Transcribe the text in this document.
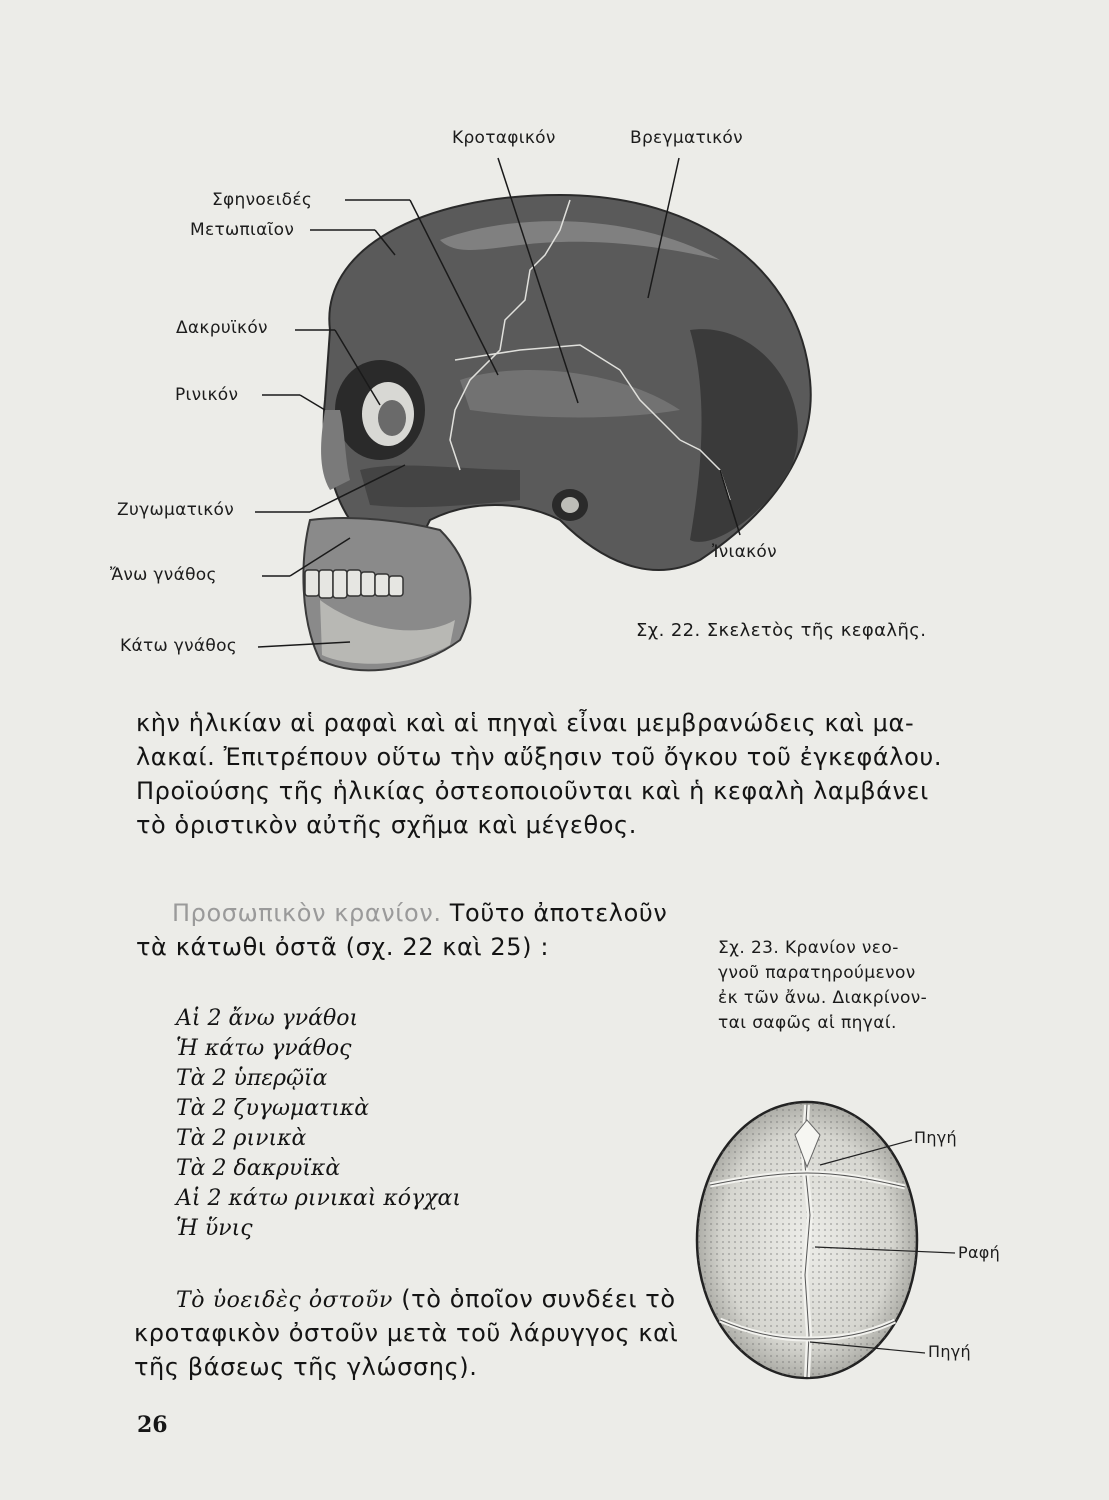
Κροταφικόν	Βρεγματικόν
Σφηνοειδές
Μετωπιαῖον
Δακρυϊκόν
Ρινικόν
Ζυγωματικόν
Ἄνω γνάθος
Κάτω γνάθος
Ἰνιακόν
Σχ. 22. Σκελετὸς τῆς κεφαλῆς.

κὴν ἡλικίαν αἱ ραφαὶ καὶ αἱ πηγαὶ εἶναι μεμβρανώδεις καὶ μα-

λακαί. Ἐπιτρέπουν οὕτω τὴν αὔξησιν τοῦ ὄγκου τοῦ ἐγκεφάλου.

Προϊούσης τῆς ἡλικίας ὀστεοποιοῦνται καὶ ἡ κεφαλὴ λαμβάνει

τὸ ὁριστικὸν αὐτῆς σχῆμα καὶ μέγεθος.

Προσωπικὸν κρανίον. Τοῦτο ἀποτελοῦν

τὰ κάτωθι ὀστᾶ (σχ. 22 καὶ 25) :

Αἱ 2 ἄνω γνάθοι
Ἡ κάτω γνάθος
Τὰ 2 ὑπερῷϊα
Τὰ 2 ζυγωματικὰ
Τὰ 2 ρινικὰ
Τὰ 2 δακρυϊκὰ
Αἱ 2 κάτω ρινικαὶ κόγχαι
Ἡ ὕνις

Τὸ ὑοειδὲς ὀστοῦν (τὸ ὁποῖον συνδέει τὸ

κροταφικὸν ὀστοῦν μετὰ τοῦ λάρυγγος καὶ

τῆς βάσεως τῆς γλώσσης).

Σχ. 23. Κρανίον νεο-
γνοῦ παρατηρούμενον
ἐκ τῶν ἄνω. Διακρίνον-
ται σαφῶς αἱ πηγαί.
Πηγή
Ραφή
Πηγή
26
